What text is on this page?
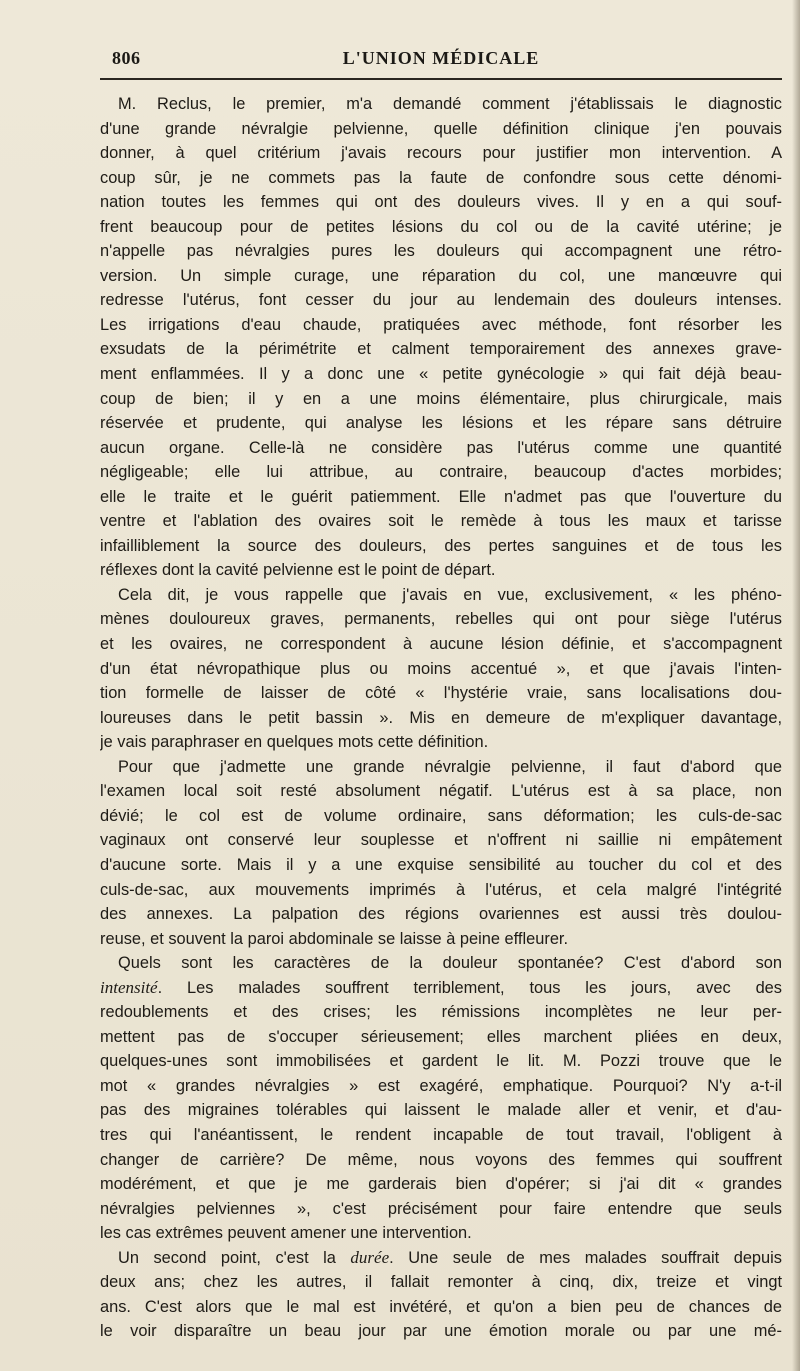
806	L'UNION MÉDICALE
M. Reclus, le premier, m'a demandé comment j'établissais le diagnostic
d'une grande névralgie pelvienne, quelle définition clinique j'en pouvais
donner, à quel critérium j'avais recours pour justifier mon intervention. A
coup sûr, je ne commets pas la faute de confondre sous cette dénomi-
nation toutes les femmes qui ont des douleurs vives. Il y en a qui souf-
frent beaucoup pour de petites lésions du col ou de la cavité utérine; je
n'appelle pas névralgies pures les douleurs qui accompagnent une rétro-
version. Un simple curage, une réparation du col, une manœuvre qui
redresse l'utérus, font cesser du jour au lendemain des douleurs intenses.
Les irrigations d'eau chaude, pratiquées avec méthode, font résorber les
exsudats de la périmétrite et calment temporairement des annexes grave-
ment enflammées. Il y a donc une « petite gynécologie » qui fait déjà beau-
coup de bien; il y en a une moins élémentaire, plus chirurgicale, mais
réservée et prudente, qui analyse les lésions et les répare sans détruire
aucun organe. Celle-là ne considère pas l'utérus comme une quantité
négligeable; elle lui attribue, au contraire, beaucoup d'actes morbides;
elle le traite et le guérit patiemment. Elle n'admet pas que l'ouverture du
ventre et l'ablation des ovaires soit le remède à tous les maux et tarisse
infailliblement la source des douleurs, des pertes sanguines et de tous les
réflexes dont la cavité pelvienne est le point de départ.
Cela dit, je vous rappelle que j'avais en vue, exclusivement, « les phéno-
mènes douloureux graves, permanents, rebelles qui ont pour siège l'utérus
et les ovaires, ne correspondent à aucune lésion définie, et s'accompagnent
d'un état névropathique plus ou moins accentué », et que j'avais l'inten-
tion formelle de laisser de côté « l'hystérie vraie, sans localisations dou-
loureuses dans le petit bassin ». Mis en demeure de m'expliquer davantage,
je vais paraphraser en quelques mots cette définition.
Pour que j'admette une grande névralgie pelvienne, il faut d'abord que
l'examen local soit resté absolument négatif. L'utérus est à sa place, non
dévié; le col est de volume ordinaire, sans déformation; les culs-de-sac
vaginaux ont conservé leur souplesse et n'offrent ni saillie ni empâtement
d'aucune sorte. Mais il y a une exquise sensibilité au toucher du col et des
culs-de-sac, aux mouvements imprimés à l'utérus, et cela malgré l'intégrité
des annexes. La palpation des régions ovariennes est aussi très doulou-
reuse, et souvent la paroi abdominale se laisse à peine effleurer.
Quels sont les caractères de la douleur spontanée? C'est d'abord son
intensité. Les malades souffrent terriblement, tous les jours, avec des
redoublements et des crises; les rémissions incomplètes ne leur per-
mettent pas de s'occuper sérieusement; elles marchent pliées en deux,
quelques-unes sont immobilisées et gardent le lit. M. Pozzi trouve que le
mot « grandes névralgies » est exagéré, emphatique. Pourquoi? N'y a-t-il
pas des migraines tolérables qui laissent le malade aller et venir, et d'au-
tres qui l'anéantissent, le rendent incapable de tout travail, l'obligent à
changer de carrière? De même, nous voyons des femmes qui souffrent
modérément, et que je me garderais bien d'opérer; si j'ai dit « grandes
névralgies pelviennes », c'est précisément pour faire entendre que seuls
les cas extrêmes peuvent amener une intervention.
Un second point, c'est la durée. Une seule de mes malades souffrait depuis
deux ans; chez les autres, il fallait remonter à cinq, dix, treize et vingt
ans. C'est alors que le mal est invétéré, et qu'on a bien peu de chances de
le voir disparaître un beau jour par une émotion morale ou par une mé-
